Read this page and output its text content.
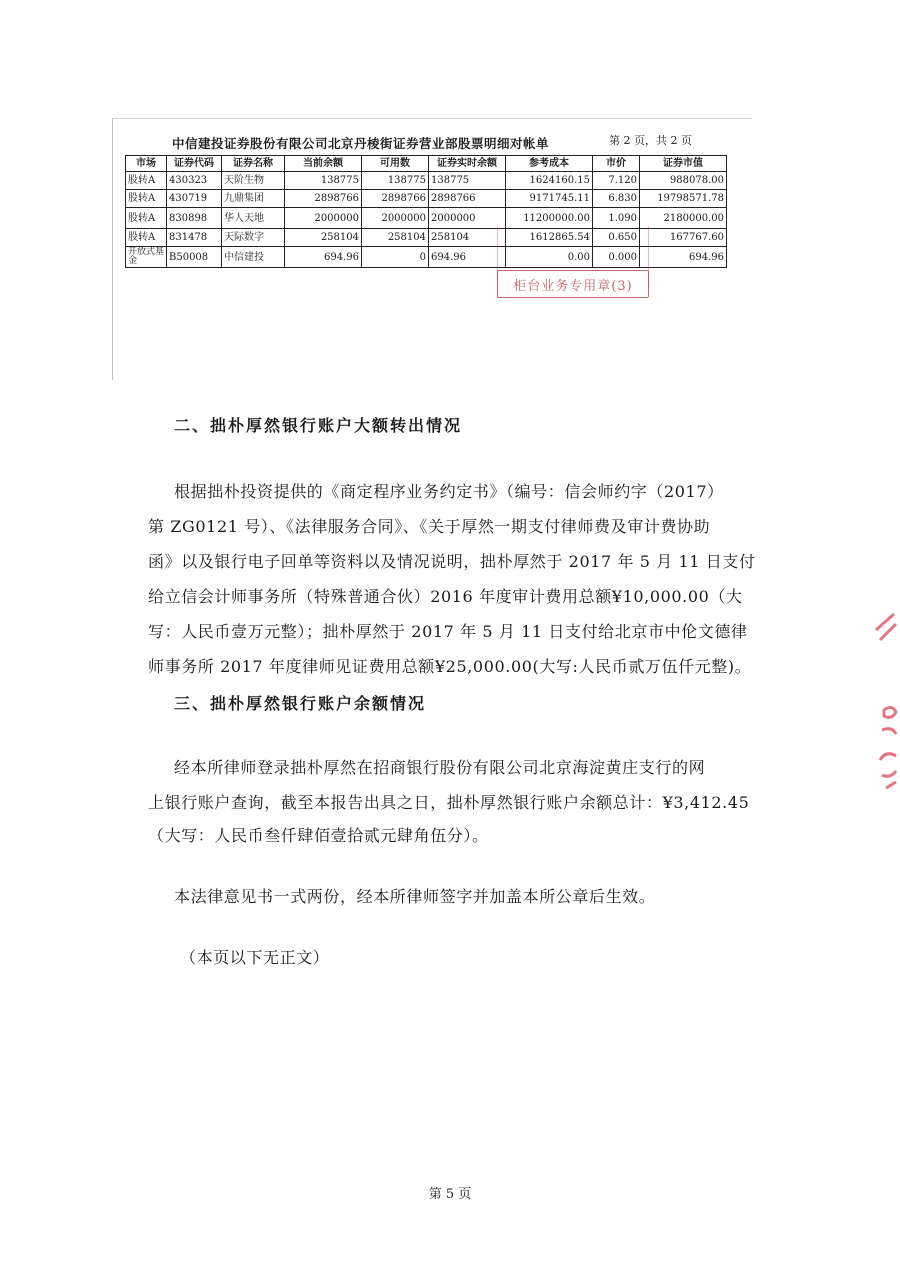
中信建投证券股份有限公司北京丹棱街证券营业部股票明细对帐单	第 2 页，共 2 页
市场	证券代码	证券名称	当前余额	可用数	证券实时余额	参考成本	市价	证券市值
股转A	430323	天阶生物	138775	138775	138775	1624160.15	7.120	988078.00
股转A	430719	九鼎集团	2898766	2898766	2898766	9171745.11	6.830	19798571.78
股转A	830898	华人天地	2000000	2000000	2000000	11200000.00	1.090	2180000.00
股转A	831478	天际数字	258104	258104	258104	1612865.54	0.650	167767.60
开放式基金	B50008	中信建投	694.96	0	694.96	0.00	0.000	694.96
柜台业务专用章(3)
二、拙朴厚然银行账户大额转出情况
根据拙朴投资提供的《商定程序业务约定书》（编号：信会师约字（2017）
第 ZG0121 号）、《法律服务合同》、《关于厚然一期支付律师费及审计费协助
函》以及银行电子回单等资料以及情况说明，拙朴厚然于 2017 年 5 月 11 日支付
给立信会计师事务所（特殊普通合伙）2016 年度审计费用总额¥10,000.00（大
写：人民币壹万元整）；拙朴厚然于 2017 年 5 月 11 日支付给北京市中伦文德律
师事务所 2017 年度律师见证费用总额¥25,000.00(大写:人民币贰万伍仟元整)。
三、拙朴厚然银行账户余额情况
经本所律师登录拙朴厚然在招商银行股份有限公司北京海淀黄庄支行的网
上银行账户查询，截至本报告出具之日，拙朴厚然银行账户余额总计：¥3,412.45
（大写：人民币叁仟肆佰壹拾贰元肆角伍分）。
本法律意见书一式两份，经本所律师签字并加盖本所公章后生效。
（本页以下无正文）
第 5 页
